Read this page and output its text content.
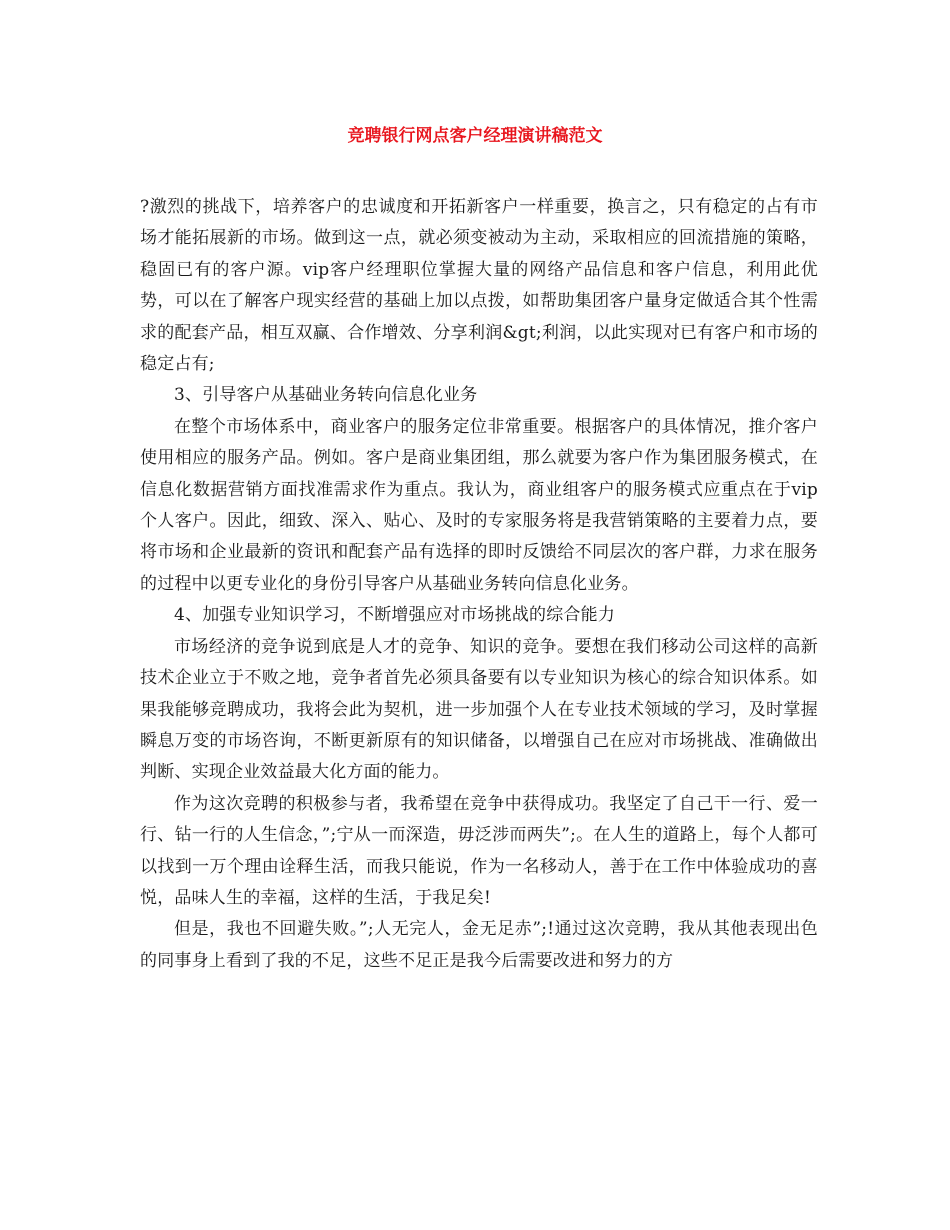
竞聘银行网点客户经理演讲稿范文

?激烈的挑战下，培养客户的忠诚度和开拓新客户一样重要，换言之，只有稳定的占有市场才能拓展新的市场。做到这一点，就必须变被动为主动，采取相应的回流措施的策略，稳固已有的客户源。vip客户经理职位掌握大量的网络产品信息和客户信息，利用此优势，可以在了解客户现实经营的基础上加以点拨，如帮助集团客户量身定做适合其个性需求的配套产品，相互双赢、合作增效、分享利润&gt;利润，以此实现对已有客户和市场的稳定占有;

3、引导客户从基础业务转向信息化业务

在整个市场体系中，商业客户的服务定位非常重要。根据客户的具体情况，推介客户使用相应的服务产品。例如。客户是商业集团组，那么就要为客户作为集团服务模式，在信息化数据营销方面找准需求作为重点。我认为，商业组客户的服务模式应重点在于vip个人客户。因此，细致、深入、贴心、及时的专家服务将是我营销策略的主要着力点，要将市场和企业最新的资讯和配套产品有选择的即时反馈给不同层次的客户群，力求在服务的过程中以更专业化的身份引导客户从基础业务转向信息化业务。

4、加强专业知识学习，不断增强应对市场挑战的综合能力

市场经济的竞争说到底是人才的竞争、知识的竞争。要想在我们移动公司这样的高新技术企业立于不败之地，竞争者首先必须具备要有以专业知识为核心的综合知识体系。如果我能够竞聘成功，我将会此为契机，进一步加强个人在专业技术领域的学习，及时掌握瞬息万变的市场咨询，不断更新原有的知识储备，以增强自己在应对市场挑战、准确做出判断、实现企业效益最大化方面的能力。

作为这次竞聘的积极参与者，我希望在竞争中获得成功。我坚定了自己干一行、爱一行、钻一行的人生信念，”;宁从一而深造，毋泛涉而两失”;。在人生的道路上，每个人都可以找到一万个理由诠释生活，而我只能说，作为一名移动人，善于在工作中体验成功的喜悦，品味人生的幸福，这样的生活，于我足矣!

但是，我也不回避失败。”;人无完人，金无足赤”;!通过这次竞聘，我从其他表现出色的同事身上看到了我的不足，这些不足正是我今后需要改进和努力的方
